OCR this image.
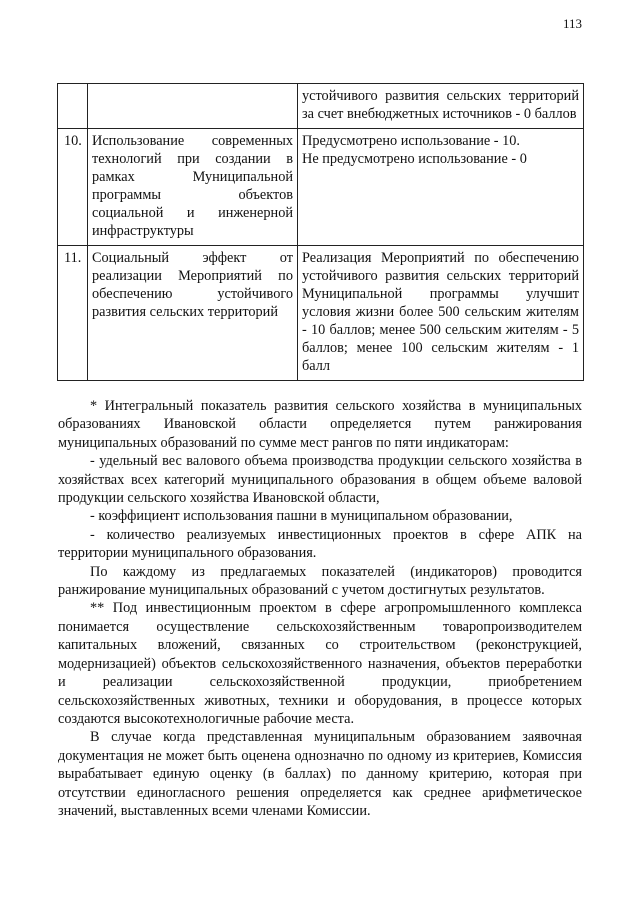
113
		устойчивого развития сельских территорий за счет внебюджетных источников - 0 баллов
10.	Использование современных технологий при создании в рамках Муниципальной программы объектов социальной и инженерной инфраструктуры	Предусмотрено использование - 10.
Не предусмотрено использование - 0

11.	Социальный эффект от реализации Мероприятий по обеспечению устойчивого развития сельских территорий	Реализация Мероприятий по обеспечению устойчивого развития сельских территорий Муниципальной программы улучшит условия жизни более 500 сельским жителям - 10 баллов; менее 500 сельским жителям - 5 баллов; менее 100 сельским жителям - 1 балл

* Интегральный показатель развития сельского хозяйства в муниципальных образованиях Ивановской области определяется путем ранжирования муниципальных образований по сумме мест рангов по пяти индикаторам:

- удельный вес валового объема производства продукции сельского хозяйства в хозяйствах всех категорий муниципального образования в общем объеме валовой продукции сельского хозяйства Ивановской области,

- коэффициент использования пашни в муниципальном образовании,

- количество реализуемых инвестиционных проектов в сфере АПК на территории муниципального образования.

По каждому из предлагаемых показателей (индикаторов) проводится ранжирование муниципальных образований с учетом достигнутых результатов.

** Под инвестиционным проектом в сфере агропромышленного комплекса понимается осуществление сельскохозяйственным товаропроизводителем капитальных вложений, связанных со строительством (реконструкцией, модернизацией) объектов сельскохозяйственного назначения, объектов переработки и реализации сельскохозяйственной продукции, приобретением сельскохозяйственных животных, техники и оборудования, в процессе которых создаются высокотехнологичные рабочие места.

В случае когда представленная муниципальным образованием заявочная документация не может быть оценена однозначно по одному из критериев, Комиссия вырабатывает единую оценку (в баллах) по данному критерию, которая при отсутствии единогласного решения определяется как среднее арифметическое значений, выставленных всеми членами Комиссии.
